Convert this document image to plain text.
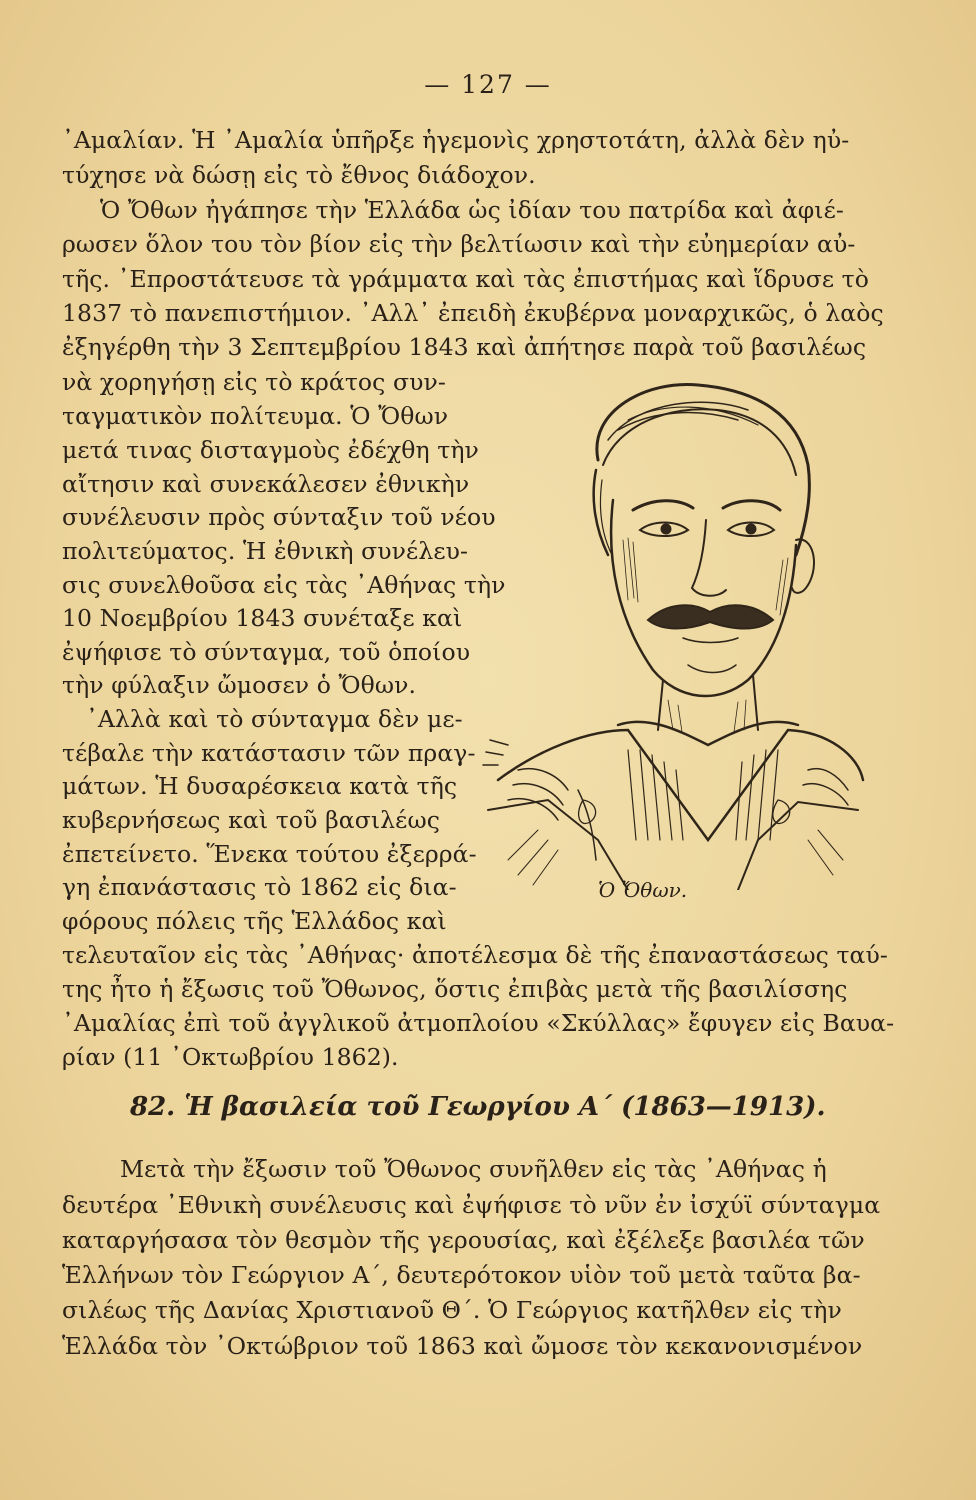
— 127 —
᾿Αμαλίαν. Ἡ ᾿Αμαλία ὑπῆρξε ἡγεμονὶς χρηστοτάτη, ἀλλὰ δὲν ηὐ-
τύχησε νὰ δώσῃ εἰς τὸ ἔθνος διάδοχον.
Ὁ Ὄθων ἠγάπησε τὴν Ἑλλάδα ὡς ἰδίαν του πατρίδα καὶ ἀφιέ-
ρωσεν ὅλον του τὸν βίον εἰς τὴν βελτίωσιν καὶ τὴν εὐημερίαν αὐ-
τῆς. ᾿Επροστάτευσε τὰ γράμματα καὶ τὰς ἐπιστήμας καὶ ἵδρυσε τὸ
1837 τὸ πανεπιστήμιον. ᾿Αλλ᾿ ἐπειδὴ ἐκυβέρνα μοναρχικῶς, ὁ λαὸς
ἐξηγέρθη τὴν 3 Σεπτεμβρίου 1843 καὶ ἀπήτησε παρὰ τοῦ βασιλέως
νὰ χορηγήσῃ εἰς τὸ κράτος συν-
ταγματικὸν πολίτευμα. Ὁ Ὄθων
μετά τινας δισταγμοὺς ἐδέχθη τὴν
αἴτησιν καὶ συνεκάλεσεν ἐθνικὴν
συνέλευσιν πρὸς σύνταξιν τοῦ νέου
πολιτεύματος. Ἡ ἐθνικὴ συνέλευ-
σις συνελθοῦσα εἰς τὰς ᾿Αθήνας τὴν
10 Νοεμβρίου 1843 συνέταξε καὶ
ἐψήφισε τὸ σύνταγμα, τοῦ ὁποίου
τὴν φύλαξιν ὤμοσεν ὁ Ὄθων.
᾿Αλλὰ καὶ τὸ σύνταγμα δὲν με-
τέβαλε τὴν κατάστασιν τῶν πραγ-
μάτων. Ἡ δυσαρέσκεια κατὰ τῆς
κυβερνήσεως καὶ τοῦ βασιλέως
ἐπετείνετο. Ἕνεκα τούτου ἐξερρά-
γη ἐπανάστασις τὸ 1862 εἰς δια-
φόρους πόλεις τῆς Ἑλλάδος καὶ
Ὁ Ὄθων.
τελευταῖον εἰς τὰς ᾿Αθήνας· ἀποτέλεσμα δὲ τῆς ἐπαναστάσεως ταύ-
της ἦτο ἡ ἔξωσις τοῦ Ὄθωνος, ὅστις ἐπιβὰς μετὰ τῆς βασιλίσσης
᾿Αμαλίας ἐπὶ τοῦ ἀγγλικοῦ ἀτμοπλοίου «Σκύλλας» ἔφυγεν εἰς Βαυα-
ρίαν (11 ᾿Οκτωβρίου 1862).
82. Ἡ βασιλεία τοῦ Γεωργίου Α΄ (1863—1913).
Μετὰ τὴν ἔξωσιν τοῦ Ὄθωνος συνῆλθεν εἰς τὰς ᾿Αθήνας ἡ
δευτέρα ᾿Εθνικὴ συνέλευσις καὶ ἐψήφισε τὸ νῦν ἐν ἰσχύϊ σύνταγμα
καταργήσασα τὸν θεσμὸν τῆς γερουσίας, καὶ ἐξέλεξε βασιλέα τῶν
Ἑλλήνων τὸν Γεώργιον Α΄, δευτερότοκον υἱὸν τοῦ μετὰ ταῦτα βα-
σιλέως τῆς Δανίας Χριστιανοῦ Θ΄. Ὁ Γεώργιος κατῆλθεν εἰς τὴν
Ἑλλάδα τὸν ᾿Οκτώβριον τοῦ 1863 καὶ ὤμοσε τὸν κεκανονισμένον
